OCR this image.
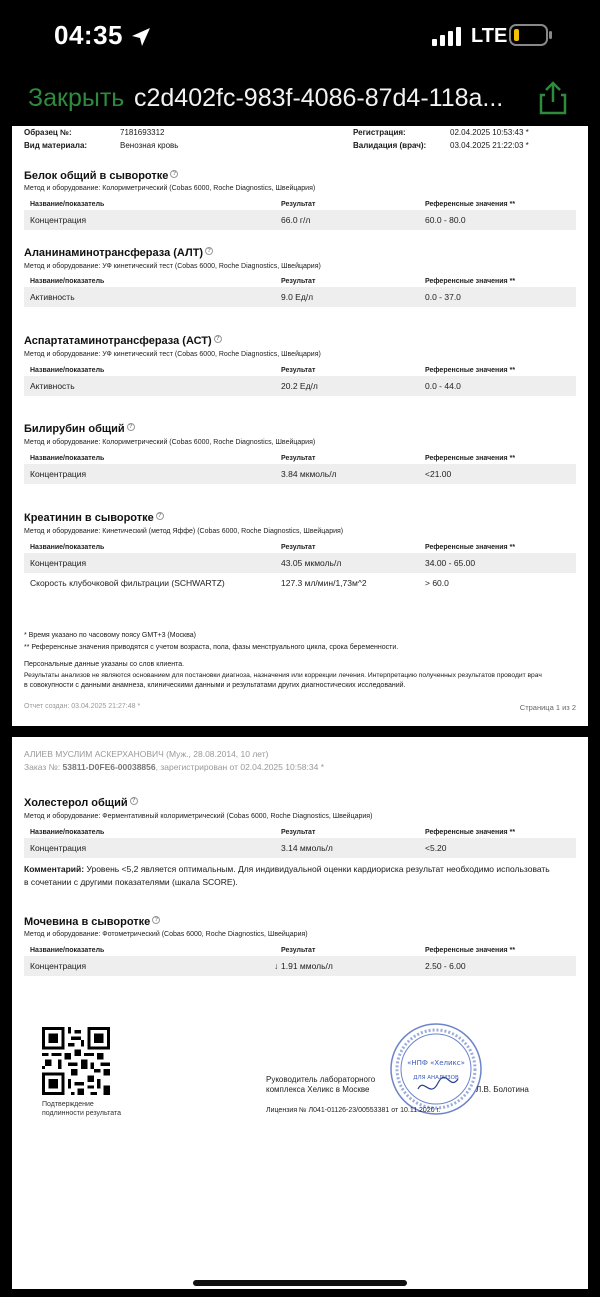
04:35	LTE
Закрыть c2d402fc-983f-4086-87d4-118a...
Образец №:	7181693312
Вид материала:	Венозная кровь
Регистрация:	02.04.2025 10:53:43 *
Валидация (врач):	03.04.2025 21:22:03 *
Белок общий в сыворотке ?
Метод и оборудование: Колориметрический (Cobas 6000, Roche Diagnostics, Швейцария)
Название/показатель	Результат	Референсные значения **
Концентрация	66.0 г/л	60.0 - 80.0
Аланинаминотрансфераза (АЛТ) ?
Метод и оборудование: УФ кинетический тест (Cobas 6000, Roche Diagnostics, Швейцария)
Название/показатель	Результат	Референсные значения **
Активность	9.0 Ед/л	0.0 - 37.0
Аспартатаминотрансфераза (АСТ) ?
Метод и оборудование: УФ кинетический тест (Cobas 6000, Roche Diagnostics, Швейцария)
Название/показатель	Результат	Референсные значения **
Активность	20.2 Ед/л	0.0 - 44.0
Билирубин общий ?
Метод и оборудование: Колориметрический (Cobas 6000, Roche Diagnostics, Швейцария)
Название/показатель	Результат	Референсные значения **
Концентрация	3.84 мкмоль/л	<21.00
Креатинин в сыворотке ?
Метод и оборудование: Кинетический (метод Яффе) (Cobas 6000, Roche Diagnostics, Швейцария)
Название/показатель	Результат	Референсные значения **
Концентрация	43.05 мкмоль/л	34.00 - 65.00
Скорость клубочковой фильтрации (SCHWARTZ)	127.3 мл/мин/1,73м^2	> 60.0
* Время указано по часовому поясу GMT+3 (Москва)
** Референсные значения приводятся с учетом возраста, пола, фазы менструального цикла, срока беременности.
Персональные данные указаны со слов клиента.
Результаты анализов не являются основанием для постановки диагноза, назначения или коррекции лечения. Интерпретацию полученных результатов проводит врач
в совокупности с данными анамнеза, клиническими данными и результатами других диагностических исследований.
Отчет создан: 03.04.2025 21:27:48 *	Страница 1 из 2
АЛИЕВ МУСЛИМ АСКЕРХАНОВИЧ (Муж., 28.08.2014, 10 лет)
Заказ №: 53811-D0FE6-00038856, зарегистрирован от 02.04.2025 10:58:34 *
Холестерол общий ?
Метод и оборудование: Ферментативный колориметрический (Cobas 6000, Roche Diagnostics, Швейцария)
Название/показатель	Результат	Референсные значения **
Концентрация	3.14 ммоль/л	<5.20
Комментарий: Уровень <5,2 является оптимальным. Для индивидуальной оценки кардиориска результат необходимо использовать
в сочетании с другими показателями (шкала SCORE).
Мочевина в сыворотке ?
Метод и оборудование: Фотометрический (Cobas 6000, Roche Diagnostics, Швейцария)
Название/показатель	Результат	Референсные значения **
Концентрация	↓ 1.91 ммоль/л	2.50 - 6.00
Подтверждение
подлинности результата
«НПФ «Хеликс»
ДЛЯ АНАЛИЗОВ
Руководитель лабораторного
комплекса Хеликс в Москве	Л.В. Болотина
Лицензия № Л041-01126-23/00553381 от 10.11.2020 г.
